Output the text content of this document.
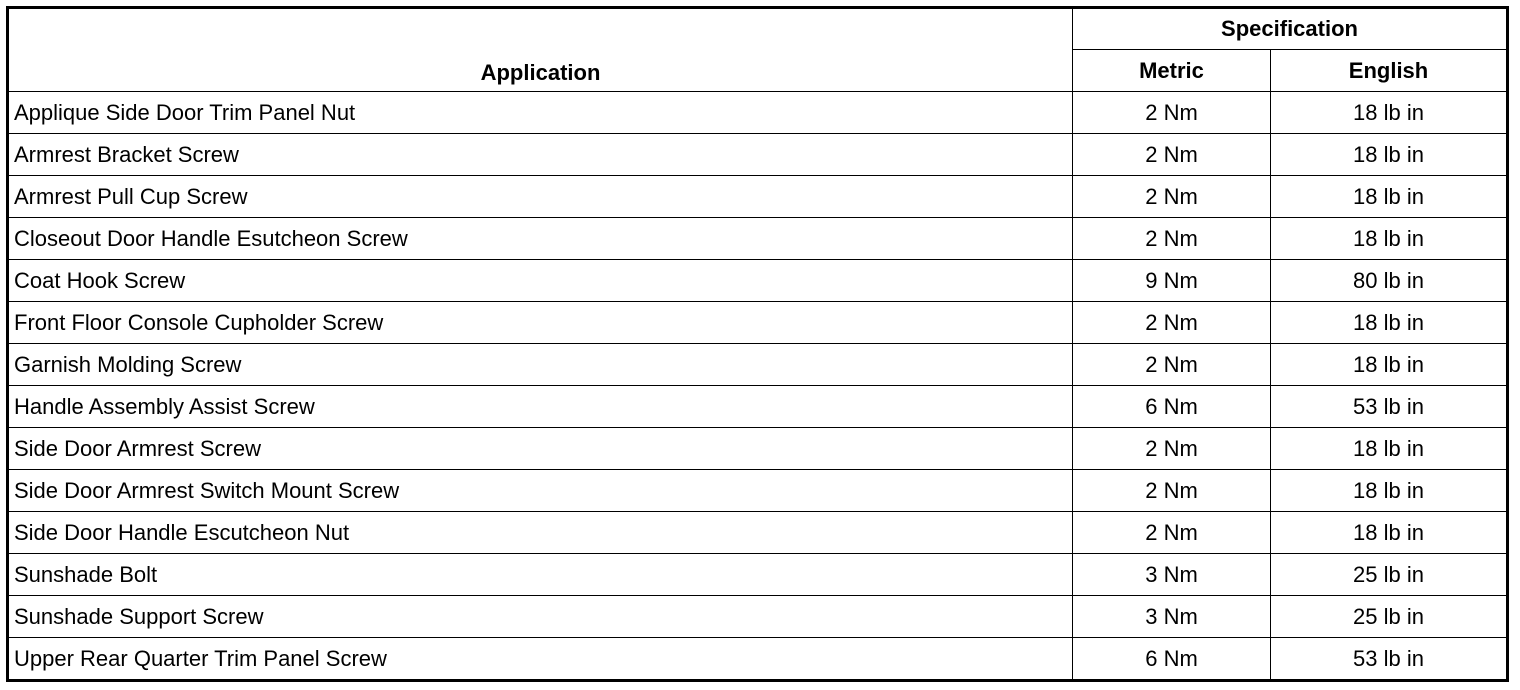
Application	Specification	
	Metric	English
Applique Side Door Trim Panel Nut	2 Nm	18 lb in
Armrest Bracket Screw	2 Nm	18 lb in
Armrest Pull Cup Screw	2 Nm	18 lb in
Closeout Door Handle Esutcheon Screw	2 Nm	18 lb in
Coat Hook Screw	9 Nm	80 lb in
Front Floor Console Cupholder Screw	2 Nm	18 lb in
Garnish Molding Screw	2 Nm	18 lb in
Handle Assembly Assist Screw	6 Nm	53 lb in
Side Door Armrest Screw	2 Nm	18 lb in
Side Door Armrest Switch Mount Screw	2 Nm	18 lb in
Side Door Handle Escutcheon Nut	2 Nm	18 lb in
Sunshade Bolt	3 Nm	25 lb in
Sunshade Support Screw	3 Nm	25 lb in
Upper Rear Quarter Trim Panel Screw	6 Nm	53 lb in
